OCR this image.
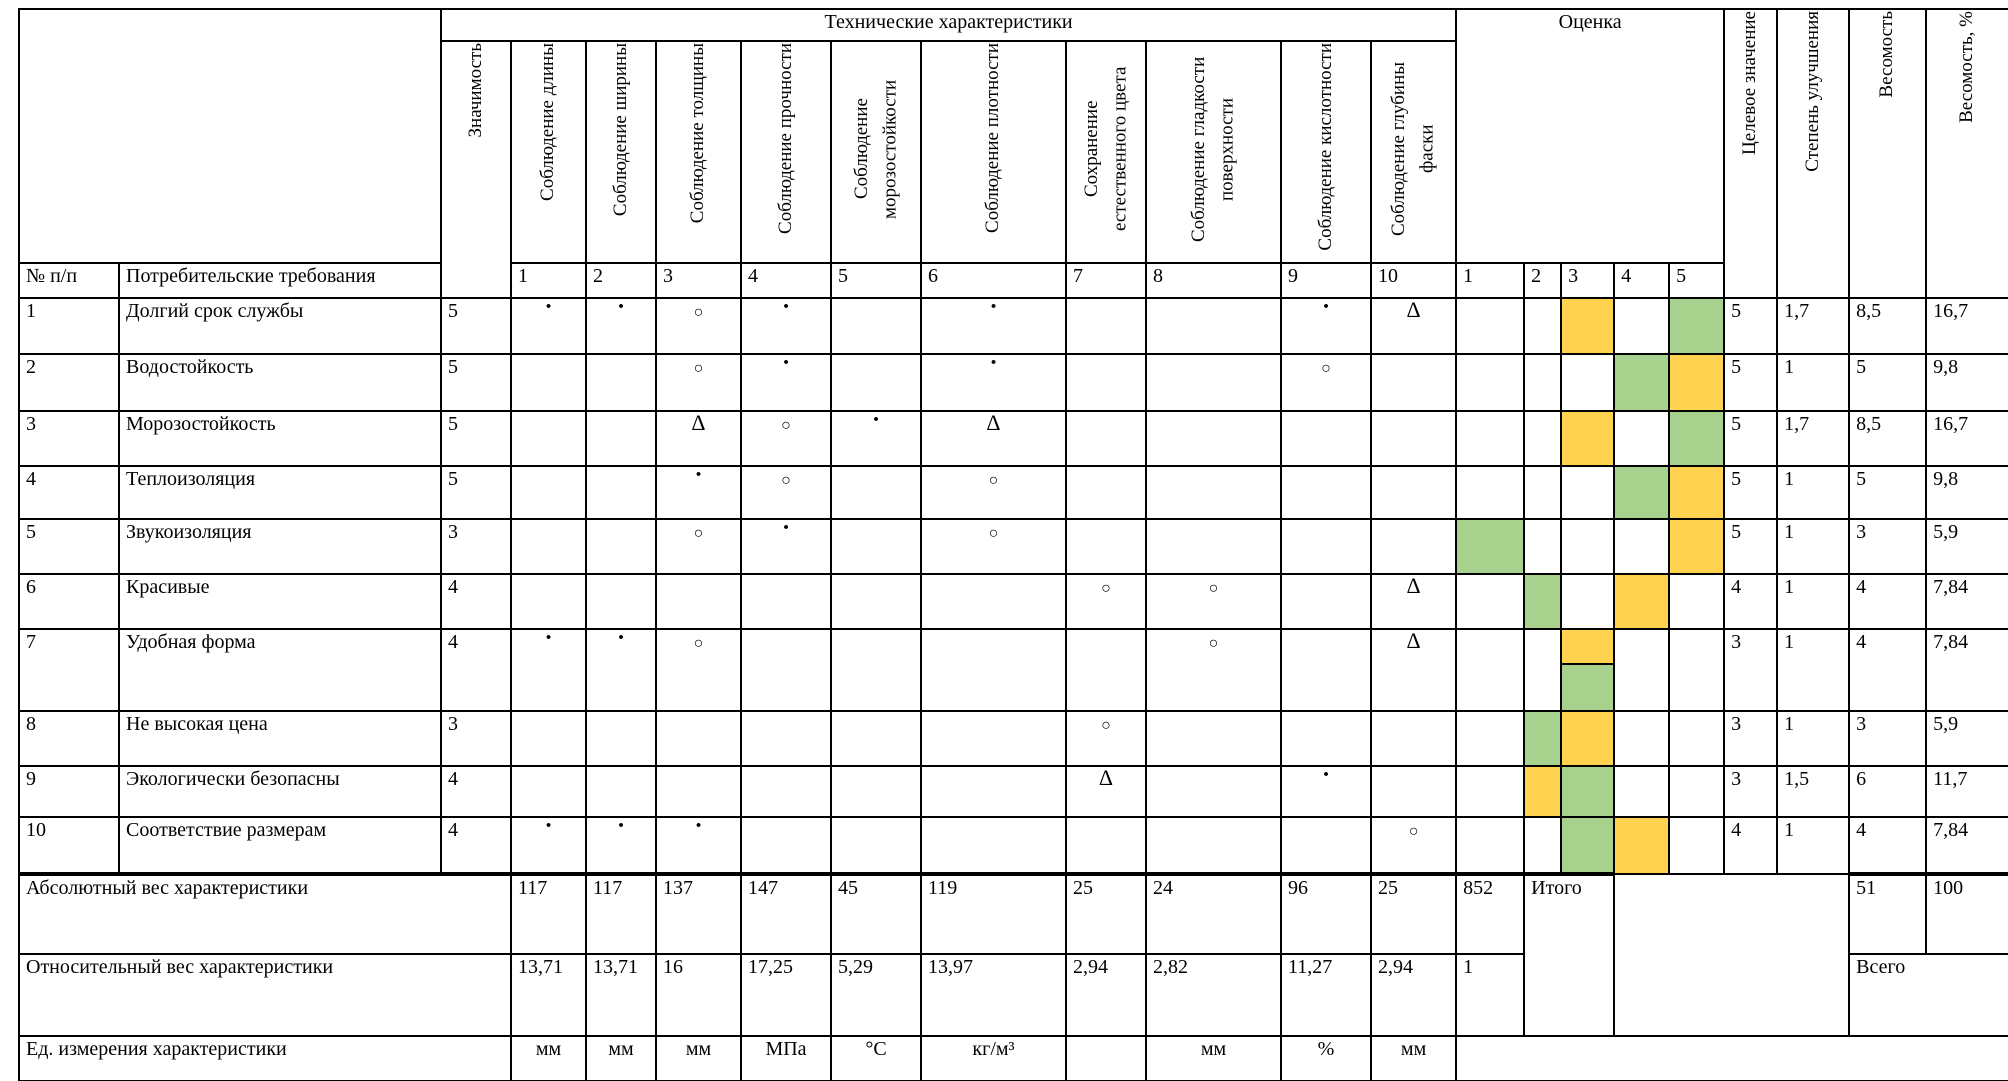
		Технические характеристики											Оценка					Целевое значение	Степень улучшения	Весомость	Весомость, %
		Значимость	Соблюдение длины	Соблюдение ширины	Соблюдение толщины	Соблюдение прочности	Соблюдение морозостойкости	Соблюдение плотности	Сохранение естественного цвета	Соблюдение гладкости поверхности	Соблюдение кислотности	Соблюдение глубины фаски									
№ п/п	Потребительские требования		1	2	3	4	5	6	7	8	9	10	1	2	3	4	5				
1	Долгий срок службы	5	·	·	○	·		·			·	Δ						5	1,7	8,5	16,7
2	Водостойкость	5			○	·		·			○							5	1	5	9,8
3	Морозостойкость	5			Δ	○	·	Δ										5	1,7	8,5	16,7
4	Теплоизоляция	5			·	○		○										5	1	5	9,8
5	Звукоизоляция	3			○	·		○										5	1	3	5,9
6	Красивые	4							○	○		Δ						4	1	4	7,84
7	Удобная форма	4	·	·	○					○		Δ						3	1	4	7,84
8	Не высокая цена	3							○									3	1	3	5,9
9	Экологически безопасны	4							Δ		·							3	1,5	6	11,7
10	Соответствие размерам	4	·	·	·							○						4	1	4	7,84
Абсолютный вес характеристики			117	117	137	147	45	119	25	24	96	25	852	Итого						51	100
Относительный вес характеристики			13,71	13,71	16	17,25	5,29	13,97	2,94	2,82	11,27	2,94	1							Всего	
Ед. измерения характеристики			мм	мм	мм	МПа	°С	кг/м³		мм	%	мм									
